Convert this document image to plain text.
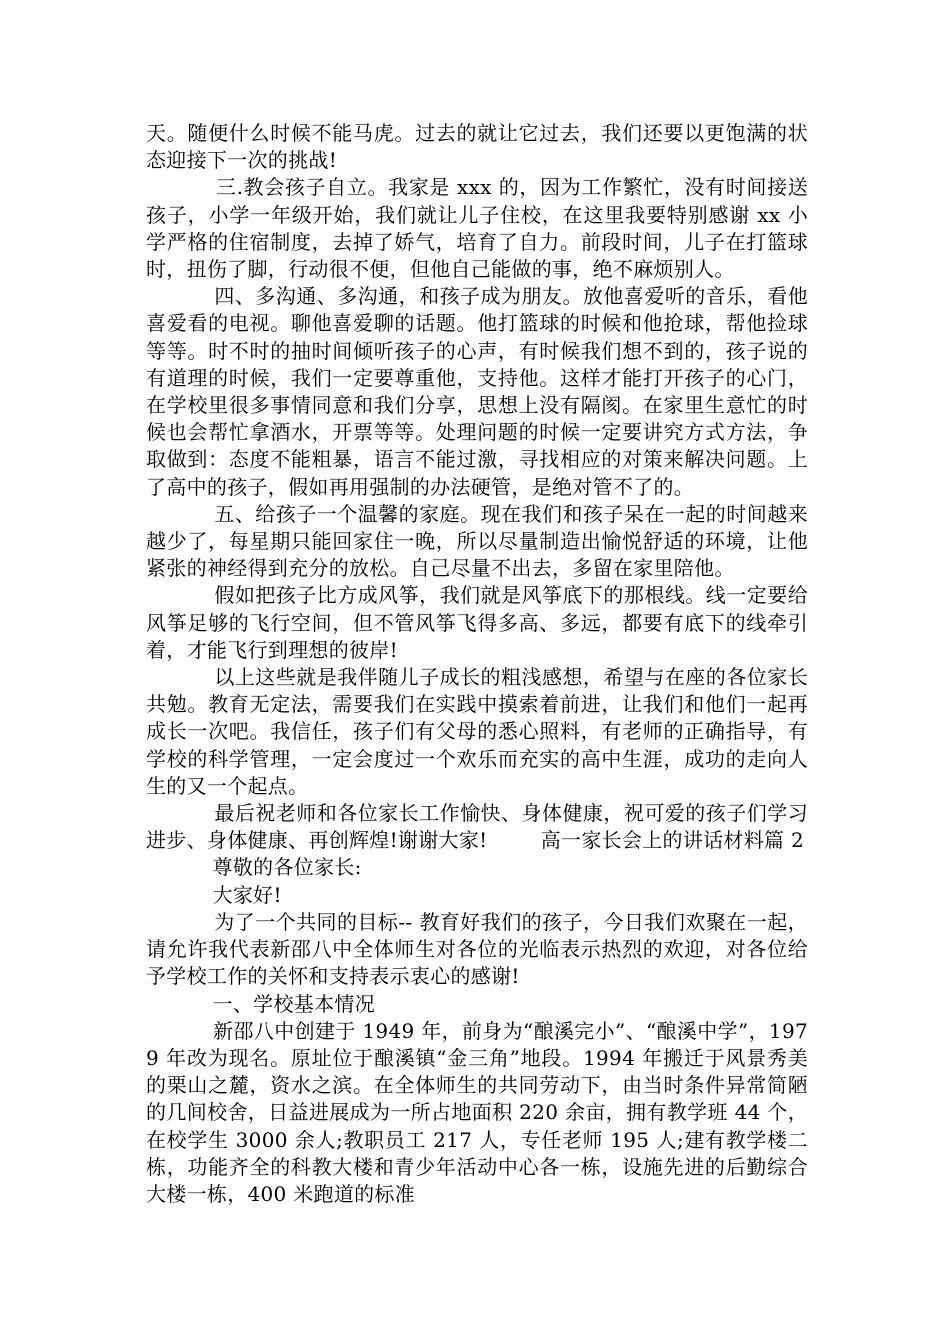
天。随便什么时候不能马虎。过去的就让它过去，我们还要以更饱满的状态迎接下一次的挑战!

三.教会孩子自立。我家是 xxx 的，因为工作繁忙，没有时间接送孩子，小学一年级开始，我们就让儿子住校，在这里我要特别感谢 xx 小学严格的住宿制度，去掉了娇气，培育了自力。前段时间，儿子在打篮球时，扭伤了脚，行动很不便，但他自己能做的事，绝不麻烦别人。

四、多沟通、多沟通，和孩子成为朋友。放他喜爱听的音乐，看他喜爱看的电视。聊他喜爱聊的话题。他打篮球的时候和他抢球，帮他捡球等等。时不时的抽时间倾听孩子的心声，有时候我们想不到的，孩子说的有道理的时候，我们一定要尊重他，支持他。这样才能打开孩子的心门，在学校里很多事情同意和我们分享，思想上没有隔阂。在家里生意忙的时候也会帮忙拿酒水，开票等等。处理问题的时候一定要讲究方式方法，争取做到：态度不能粗暴，语言不能过激，寻找相应的对策来解决问题。上了高中的孩子，假如再用强制的办法硬管，是绝对管不了的。

五、给孩子一个温馨的家庭。现在我们和孩子呆在一起的时间越来越少了，每星期只能回家住一晚，所以尽量制造出愉悦舒适的环境，让他紧张的神经得到充分的放松。自己尽量不出去，多留在家里陪他。

假如把孩子比方成风筝，我们就是风筝底下的那根线。线一定要给风筝足够的飞行空间，但不管风筝飞得多高、多远，都要有底下的线牵引着，才能飞行到理想的彼岸!

以上这些就是我伴随儿子成长的粗浅感想，希望与在座的各位家长共勉。教育无定法，需要我们在实践中摸索着前进，让我们和他们一起再成长一次吧。我信任，孩子们有父母的悉心照料，有老师的正确指导，有学校的科学管理，一定会度过一个欢乐而充实的高中生涯，成功的走向人生的又一个起点。

最后祝老师和各位家长工作愉快、身体健康，祝可爱的孩子们学习进步、身体健康、再创辉煌!谢谢大家!        高一家长会上的讲话材料篇 2

尊敬的各位家长:

大家好!

为了一个共同的目标-- 教育好我们的孩子，今日我们欢聚在一起，请允许我代表新邵八中全体师生对各位的光临表示热烈的欢迎，对各位给予学校工作的关怀和支持表示衷心的感谢!

一、学校基本情况

新邵八中创建于 1949 年，前身为“酿溪完小”、“酿溪中学”，1979 年改为现名。原址位于酿溪镇“金三角”地段。1994 年搬迁于风景秀美的栗山之麓，资水之滨。在全体师生的共同劳动下，由当时条件异常简陋的几间校舍，日益进展成为一所占地面积 220 余亩，拥有教学班 44 个，在校学生 3000 余人;教职员工 217 人，专任老师 195 人;建有教学楼二栋，功能齐全的科教大楼和青少年活动中心各一栋，设施先进的后勤综合大楼一栋，400 米跑道的标准
